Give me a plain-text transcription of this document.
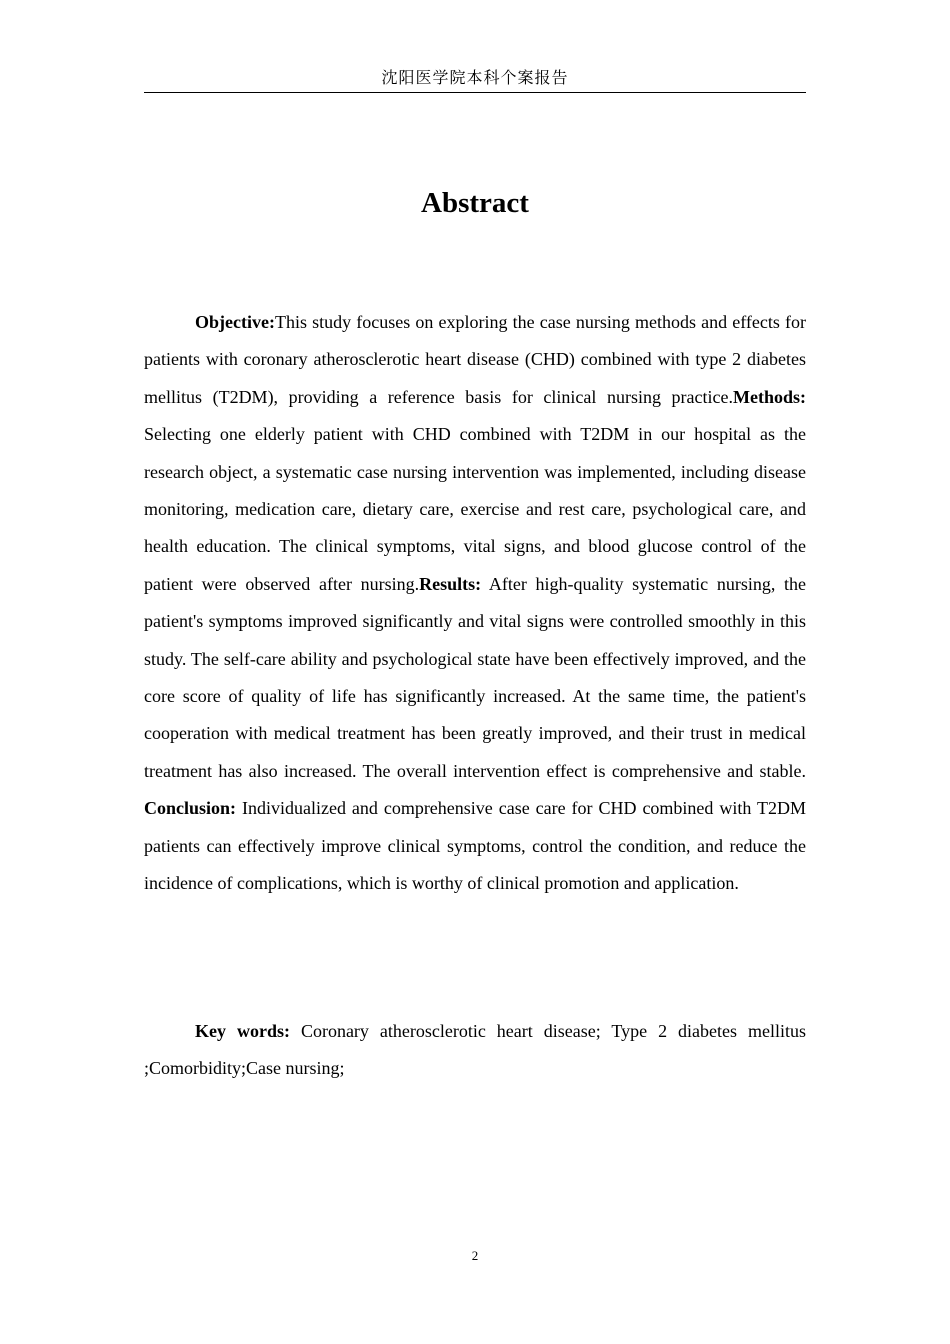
沈阳医学院本科个案报告
Abstract

Objective:This study focuses on exploring the case nursing methods and effects for patients with coronary atherosclerotic heart disease (CHD) combined with type 2 diabetes mellitus (T2DM), providing a reference basis for clinical nursing practice.Methods: Selecting one elderly patient with CHD combined with T2DM in our hospital as the research object, a systematic case nursing intervention was implemented, including disease monitoring, medication care, dietary care, exercise and rest care, psychological care, and health education. The clinical symptoms, vital signs, and blood glucose control of the patient were observed after nursing.Results: After high-quality systematic nursing, the patient's symptoms improved significantly and vital signs were controlled smoothly in this study. The self-care ability and psychological state have been effectively improved, and the core score of quality of life has significantly increased. At the same time, the patient's cooperation with medical treatment has been greatly improved, and their trust in medical treatment has also increased. The overall intervention effect is comprehensive and stable. Conclusion: Individualized and comprehensive case care for CHD combined with T2DM patients can effectively improve clinical symptoms, control the condition, and reduce the incidence of complications, which is worthy of clinical promotion and application.

Key words: Coronary atherosclerotic heart disease; Type 2 diabetes mellitus ;Comorbidity;Case nursing;

2
